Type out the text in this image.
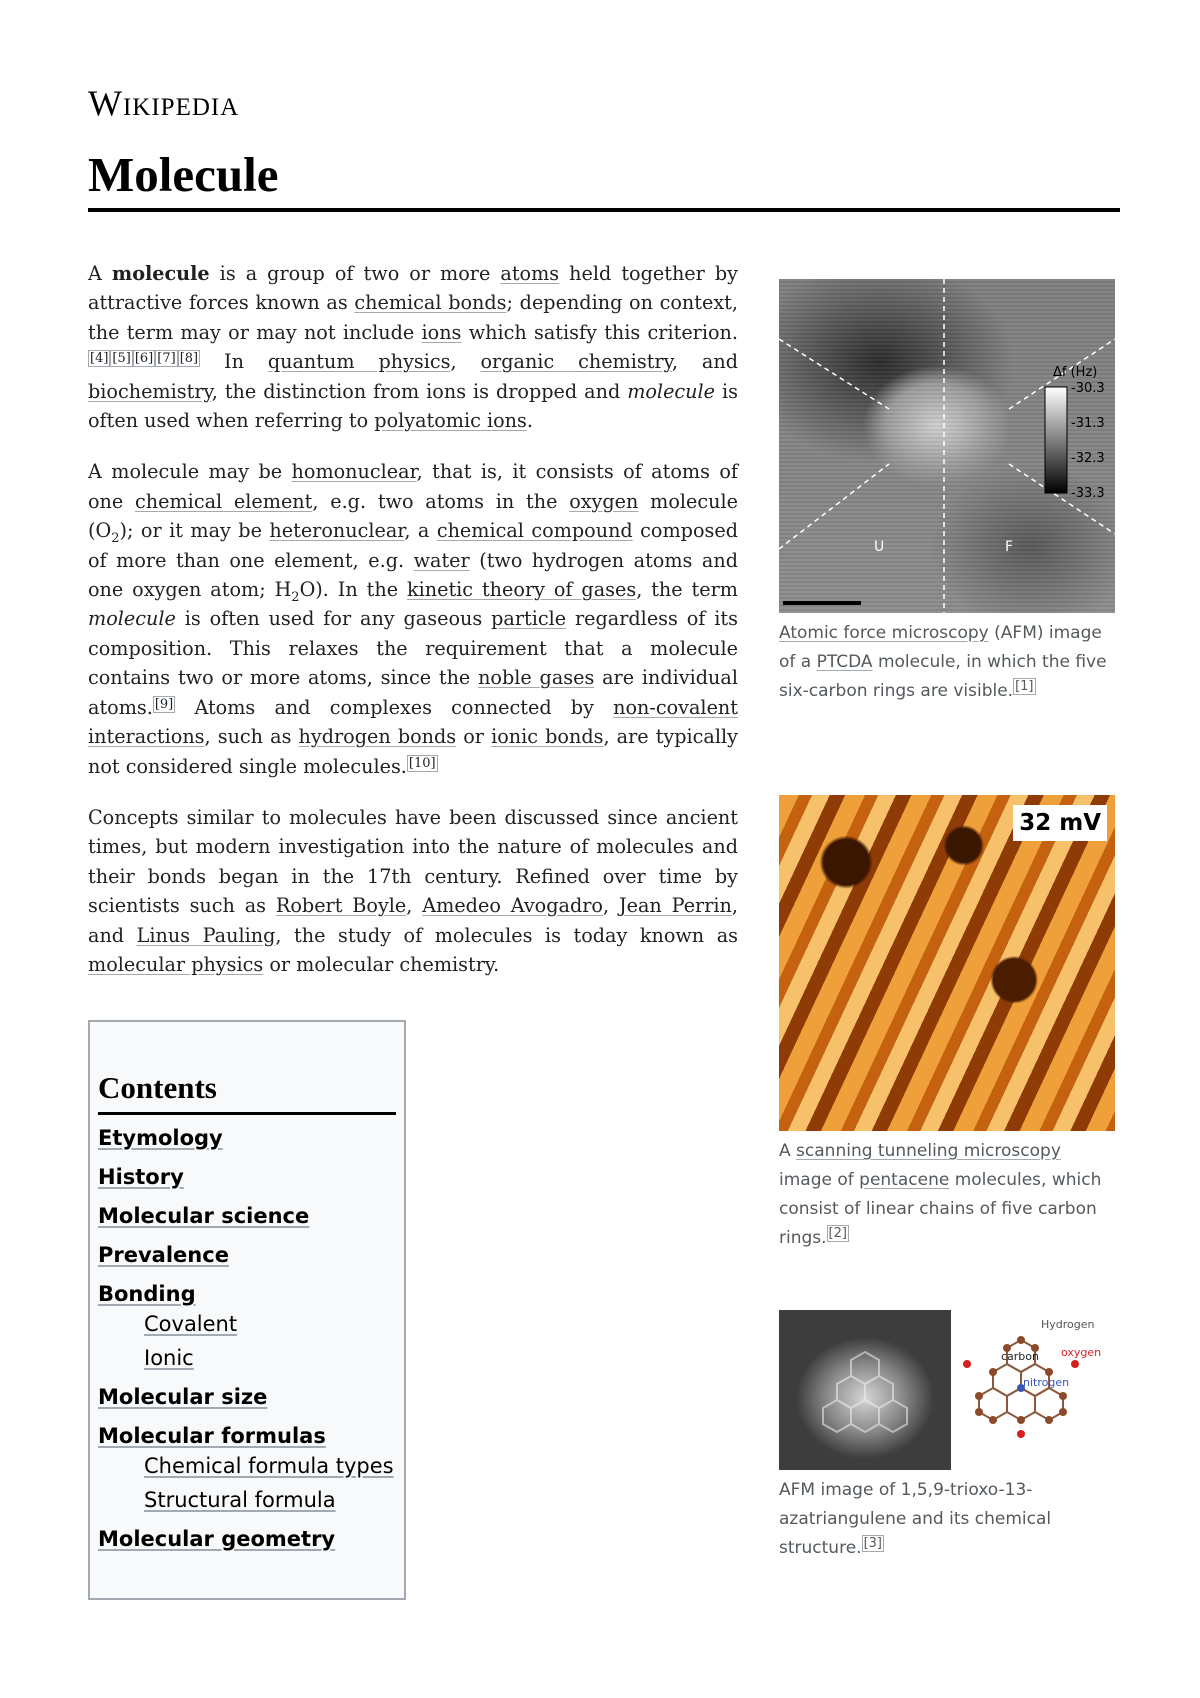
Wikipedia
Molecule

A molecule is a group of two or more atoms held together by attractive forces known as chemical bonds; depending on context, the term may or may not include ions which satisfy this criterion.[4] [5] [6] [7] [8] In quantum physics, organic chemistry, and biochemistry, the distinction from ions is dropped and molecule is often used when referring to polyatomic ions.

A molecule may be homonuclear, that is, it consists of atoms of one chemical element, e.g. two atoms in the oxygen molecule $(O_2)$; or it may be heteronuclear, a chemical compound composed of more than one element, e.g. water (two hydrogen atoms and one oxygen atom; $H_2O$). In the kinetic theory of gases, the term molecule is often used for any gaseous particle regardless of its composition. This relaxes the requirement that a molecule contains two or more atoms, since the noble gases are individual atoms. [9] Atoms and complexes connected by non-covalent interactions, such as hydrogen bonds or ionic bonds, are typically not considered single molecules. [10]

Concepts similar to molecules have been discussed since ancient times, but modern investigation into the nature of molecules and their bonds began in the 17th century. Refined over time by scientists such as Robert Boyle, Amedeo Avogadro, Jean Perrin, and Linus Pauling, the study of molecules is today known as molecular physics or molecular chemistry.

Contents
Etymology
History
Molecular science
Prevalence
Bonding
Covalent
Ionic
Molecular size
Molecular formulas
Chemical formula types
Structural formula
Molecular geometry
Δf (Hz)
-30.3
-31.3
-32.3
-33.3
U	F
Atomic force microscopy (AFM) image of a PTCDA molecule, in which the five six-carbon rings are visible. [1]
32 mV
A scanning tunneling microscopy image of pentacene molecules, which consist of linear chains of five carbon rings. [2]
Hydrogen
carbon oxygen
nitrogen
AFM image of 1,5,9-trioxo-13-azatriangulene and its chemical structure. [3]
